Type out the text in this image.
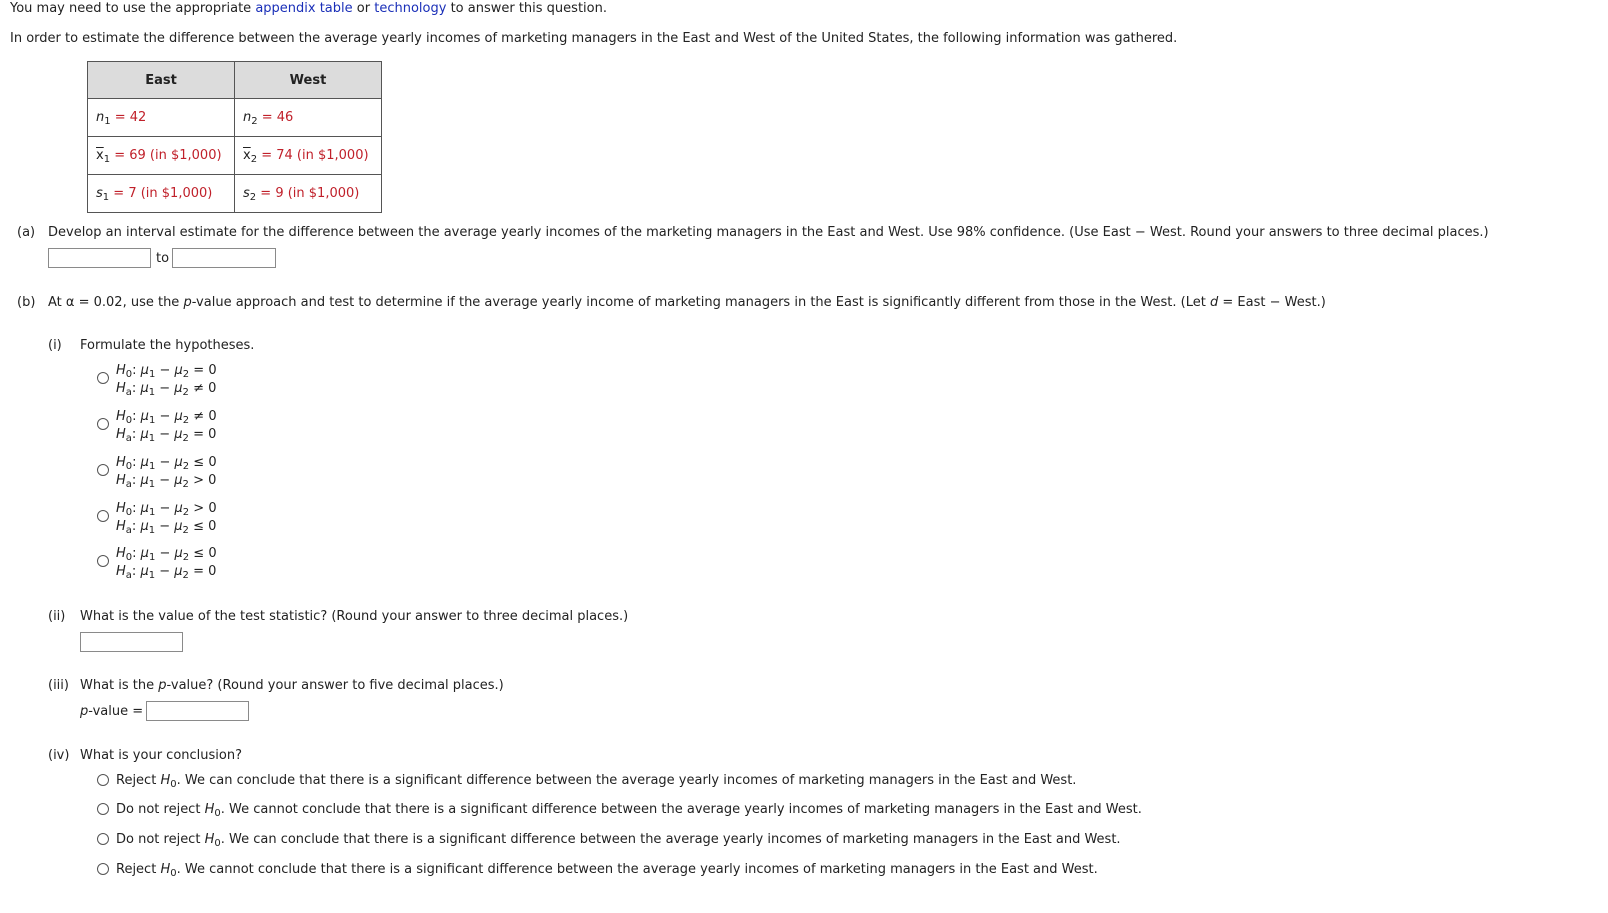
You may need to use the appropriate appendix table or technology to answer this question.
In order to estimate the difference between the average yearly incomes of marketing managers in the East and West of the United States, the following information was gathered.
East	West
$n_1 = 42$	$n_2 = 46$
$\overline{x}_1 = 69$ (in $1,000)	$\overline{x}_2 = 74$ (in $1,000)
$s_1 = 7$ (in $1,000)	$s_2 = 9$ (in $1,000)
(a) Develop an interval estimate for the difference between the average yearly incomes of the marketing managers in the East and West. Use 98% confidence. (Use East − West. Round your answers to three decimal places.)
to
(b) At α = 0.02, use the p-value approach and test to determine if the average yearly income of marketing managers in the East is significantly different from those in the West. (Let d = East − West.)
(i) Formulate the hypotheses.
$H_0$: $\mu_1 - \mu_2 = 0$
$H_a$: $\mu_1 - \mu_2 \ne 0$
$H_0$: $\mu_1 - \mu_2 \ne 0$
$H_a$: $\mu_1 - \mu_2 = 0$
$H_0$: $\mu_1 - \mu_2 \le 0$
$H_a$: $\mu_1 - \mu_2 > 0$
$H_0$: $\mu_1 - \mu_2 > 0$
$H_a$: $\mu_1 - \mu_2 \le 0$
$H_0$: $\mu_1 - \mu_2 \le 0$
$H_a$: $\mu_1 - \mu_2 = 0$
(ii) What is the value of the test statistic? (Round your answer to three decimal places.)
(iii) What is the p-value? (Round your answer to five decimal places.)
p-value =
(iv) What is your conclusion?
Reject $H_0$. We can conclude that there is a significant difference between the average yearly incomes of marketing managers in the East and West.
Do not reject $H_0$. We cannot conclude that there is a significant difference between the average yearly incomes of marketing managers in the East and West.
Do not reject $H_0$. We can conclude that there is a significant difference between the average yearly incomes of marketing managers in the East and West.
Reject $H_0$. We cannot conclude that there is a significant difference between the average yearly incomes of marketing managers in the East and West.
